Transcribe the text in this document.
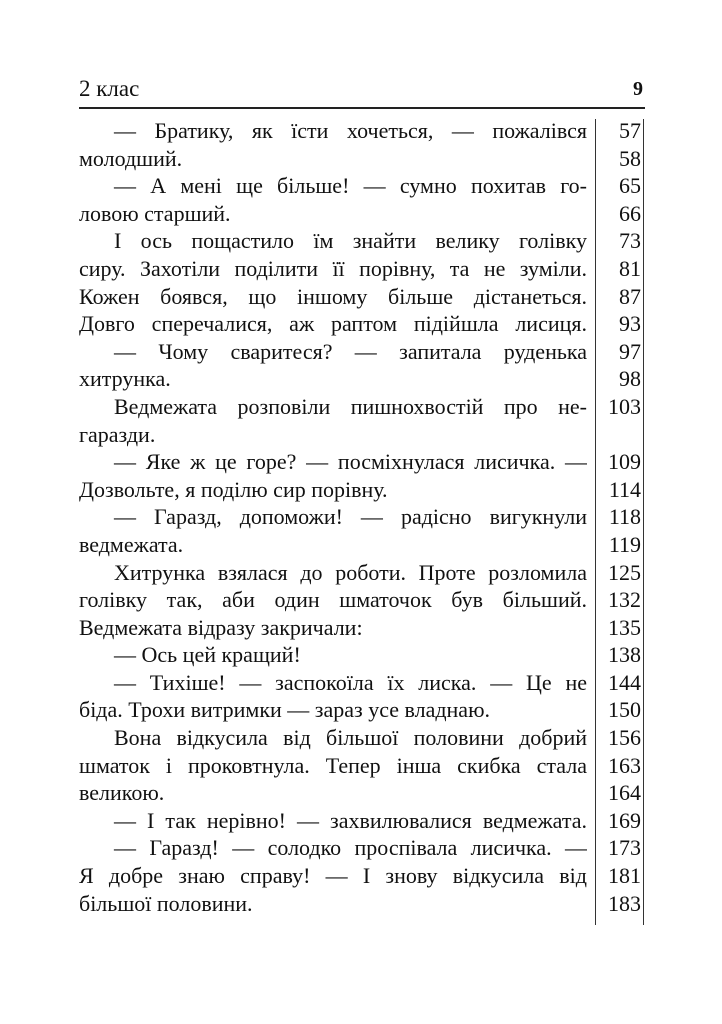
2 клас	9
— Братику, як їсти хочеться, — пожалівся	57
молодший.	58
— А мені ще більше! — сумно похитав го-	65
ловою старший.	66
І ось пощастило їм знайти велику голівку	73
сиру. Захотіли поділити її порівну, та не зуміли.	81
Кожен боявся, що іншому більше дістанеться.	87
Довго сперечалися, аж раптом підійшла лисиця.	93
— Чому сваритеся? — запитала руденька	97
хитрунка.	98
Ведмежата розповіли пишнохвостій про не- 103
гаразди.
— Яке ж це горе? — посміхнулася лисичка. — 109
Дозвольте, я поділю сир порівну.	114
— Гаразд, допоможи! — радісно вигукнули 118
ведмежата.	119
Хитрунка взялася до роботи. Проте розломила 125
голівку так, аби один шматочок був більший. 132
Ведмежата відразу закричали:	135
— Ось цей кращий!	138
— Тихіше! — заспокоїла їх лиска. — Це не 144
біда. Трохи витримки — зараз усе владнаю.	150
Вона відкусила від більшої половини добрий 156
шматок і проковтнула. Тепер інша скибка стала 163
великою.	164
— І так нерівно! — захвилювалися ведмежата. 169
— Гаразд! — солодко проспівала лисичка. — 173
Я добре знаю справу! — І знову відкусила від 181
більшої половини.	183
